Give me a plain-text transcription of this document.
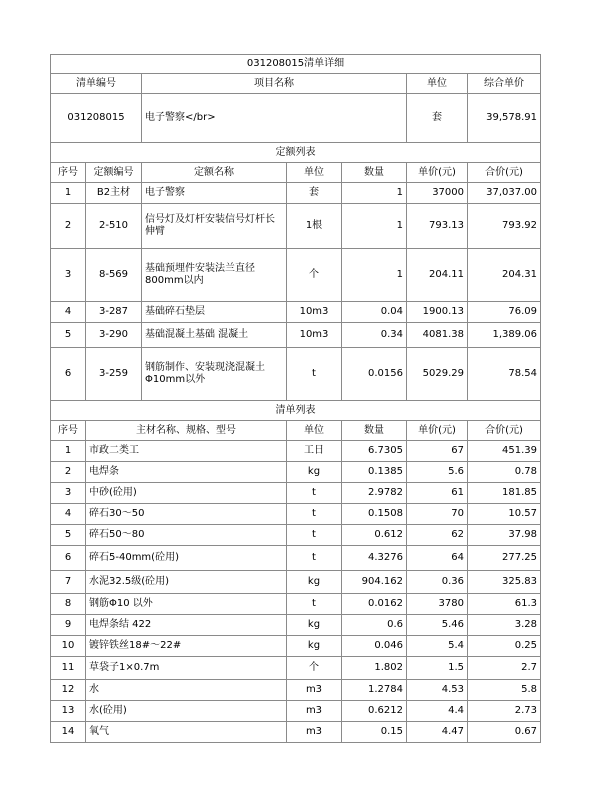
031208015清单详细						
清单编号		项目名称			单位	综合单价
031208015		电子警察</br>			套	39,578.91
定额列表						
序号	定额编号	定额名称	单位	数量	单价(元)	合价(元)
1	B2主材	电子警察	套	1	37000	37,037.00
2	2-510	信号灯及灯杆安装信号灯杆长伸臂	1根	1	793.13	793.92
3	8-569	基础预埋件安装法兰直径800mm以内	个	1	204.11	204.31
4	3-287	基础碎石垫层	10m3	0.04	1900.13	76.09
5	3-290	基础混凝土基础 混凝土	10m3	0.34	4081.38	1,389.06
6	3-259	钢筋制作、安装现浇混凝土Φ10mm以外	t	0.0156	5029.29	78.54
清单列表						
序号	主材名称、规格、型号		单位	数量	单价(元)	合价(元)
1	市政二类工		工日	6.7305	67	451.39
2	电焊条		kg	0.1385	5.6	0.78
3	中砂(砼用)		t	2.9782	61	181.85
4	碎石30～50		t	0.1508	70	10.57
5	碎石50～80		t	0.612	62	37.98
6	碎石5-40mm(砼用)		t	4.3276	64	277.25
7	水泥32.5级(砼用)		kg	904.162	0.36	325.83
8	钢筋Φ10 以外		t	0.0162	3780	61.3
9	电焊条结 422		kg	0.6	5.46	3.28
10	镀锌铁丝18#～22#		kg	0.046	5.4	0.25
11	草袋子1×0.7m		个	1.802	1.5	2.7
12	水		m3	1.2784	4.53	5.8
13	水(砼用)		m3	0.6212	4.4	2.73
14	氧气		m3	0.15	4.47	0.67
